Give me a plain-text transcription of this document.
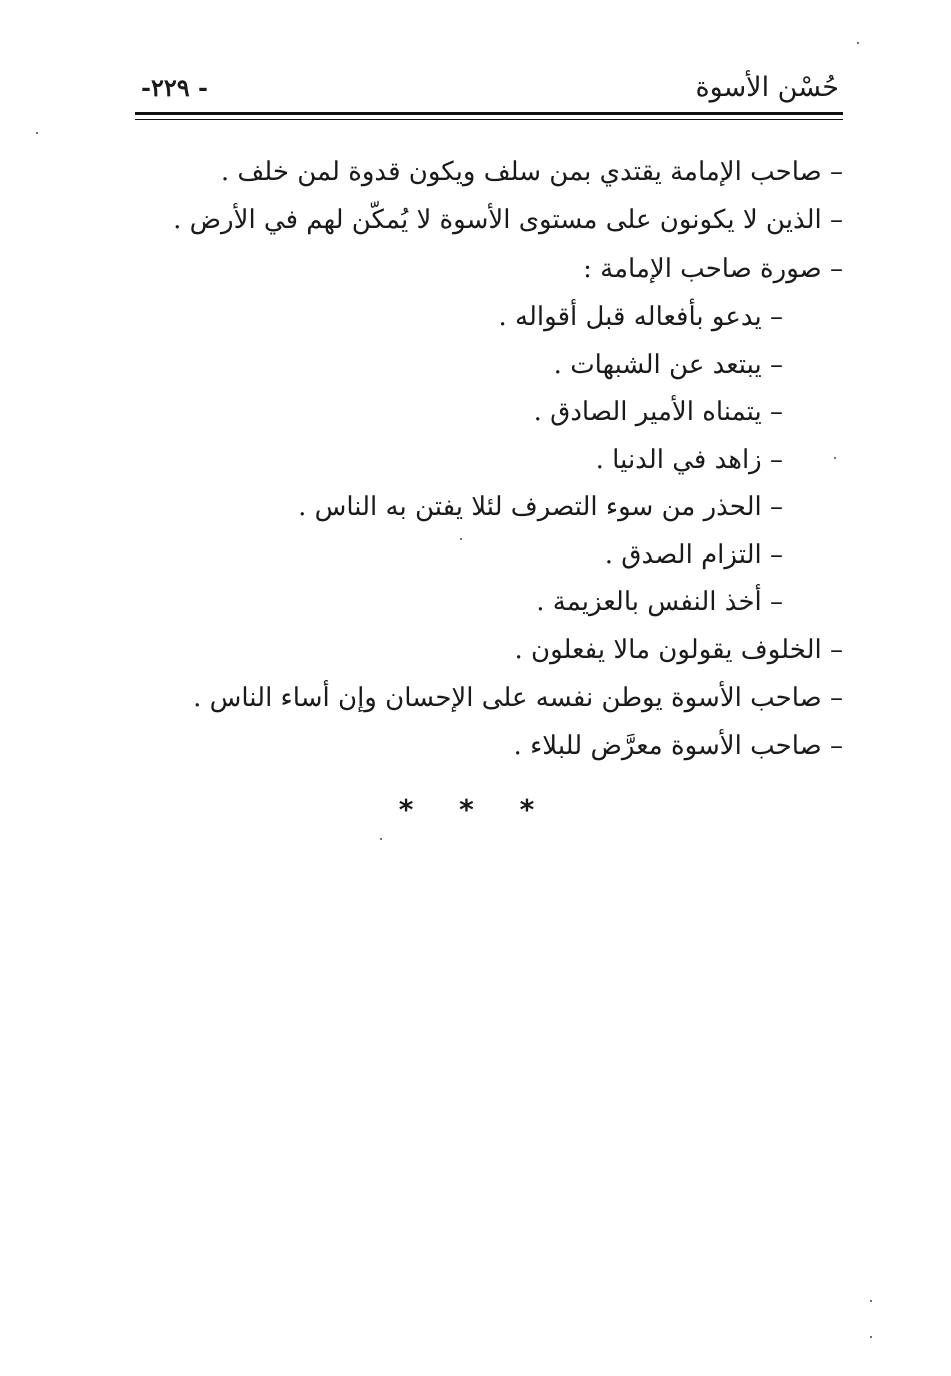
حُسْن الأسوة
-٢٢٩ -
– صاحب الإمامة يقتدي بمن سلف ويكون قدوة لمن خلف .
– الذين لا يكونون على مستوى الأسوة لا يُمكّن لهم في الأرض .
– صورة صاحب الإمامة :
– يدعو بأفعاله قبل أقواله .
– يبتعد عن الشبهات .
– يتمناه الأمير الصادق .
– زاهد في الدنيا .
– الحذر من سوء التصرف لئلا يفتن به الناس .
– التزام الصدق .
– أخذ النفس بالعزيمة .
– الخلوف يقولون مالا يفعلون .
– صاحب الأسوة يوطن نفسه على الإحسان وإن أساء الناس .
– صاحب الأسوة معرَّض للبلاء .
* * *
